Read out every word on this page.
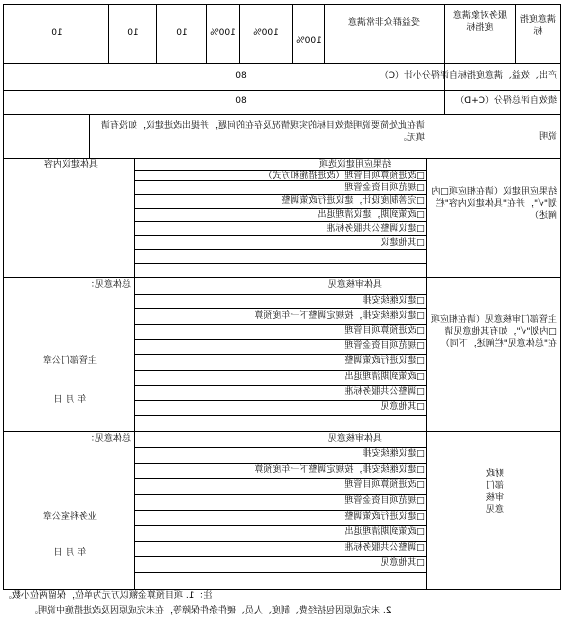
满意度指标
服务对象满意度指标
受益群众非常满意
100%
100%
100%
10
10
10
产出、效益、满意度指标自评得分小计（C）
80
绩效自评总得分（C+D）
80
说明
请在此处简要说明绩效目标的实现情况及存在的问题，并提出改进建议，如没有请填无。
结果应用建议（请在相应项□内划"√"，并在"具体建议内容"栏阐述）
结果应用建议选项
具体建议内容
□改进预算项目管理（改进措施和方式）
□规范项目资金管理
□完善制度设计，建议进行政策调整
□政策到期，建议清理退出
□建议调整公共服务标准
□其他建议
主管部门审核意见（请在相应项□内划"√"，如有其他意见请在"总体意见"栏阐述，下同）
具体审核意见
总体意见：
□建议继续安排
□建议继续安排，按规定调整下一年度预算
□改进预算项目管理
□规范项目资金管理
□建议进行政策调整
□政策到期清理退出
□调整公共服务标准
□其他意见
主管部门公章
年 月 日
财政部门审核意见
具体审核意见
总体意见：
□建议继续安排
□建议继续安排，按规定调整下一年度预算
□改进预算项目管理
□规范项目资金管理
□建议进行政策调整
□政策到期清理退出
□调整公共服务标准
□其他意见
业务科室公章
年 月 日
注：1. 项目预算金额以万元为单位，保留两位小数。
2. 未完成原因包括经费、制度、人员、硬件条件保障等，在未完成原因及改进措施中说明。
